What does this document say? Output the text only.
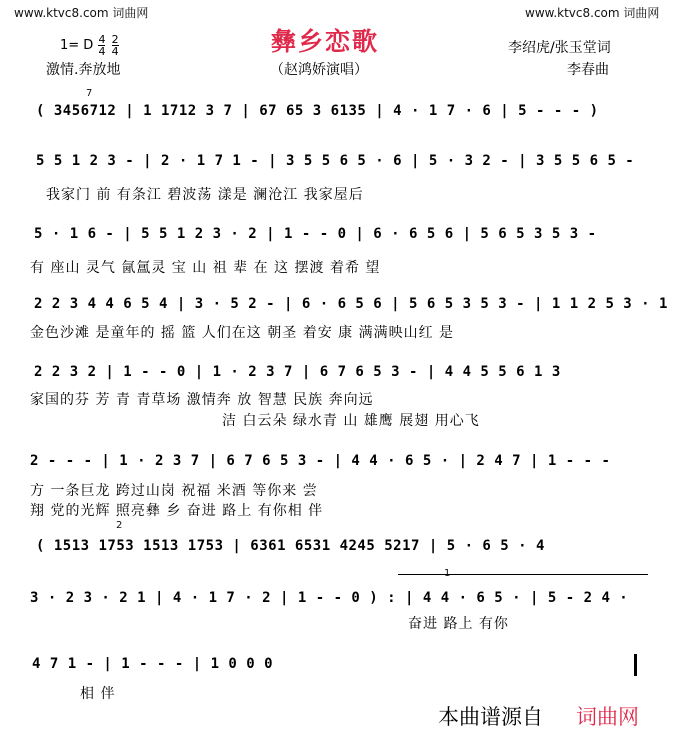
www.ktvc8.com 词曲网	www.ktvc8.com 词曲网
彝乡恋歌
1= D $\frac{4}{4}$
$\frac{2}{4}$	李绍虎/张玉堂词
激情.奔放地	（赵鸿娇演唱）	李春曲
( 3456712 | 1 1712 3 7 | 67 65 3 6135 | 4 · 1 7 · 6 | 5 - - - )
7
5 5 1 2 3 - | 2 · 1 7 1 - | 3 5 5 6 5 · 6 | 5 · 3 2 - | 3 5 5 6 5 -
我家门 前 有条江 碧波荡 漾是 澜沧江 我家屋后
5 · 1 6 - | 5 5 1 2 3 · 2 | 1 - - 0 | 6 · 6 5 6 | 5 6 5 3 5 3 -
有 座山 灵气 氤氲灵 宝 山 祖 辈 在 这 摆渡 着希 望
2 2 3 4 4 6 5 4 | 3 · 5 2 - | 6 · 6 5 6 | 5 6 5 3 5 3 - | 1 1 2 5 3 · 1
金色沙滩 是童年的 摇 篮 人们在这 朝圣 着安 康 满满映山红 是
2 2 3 2 | 1 - - 0 | 1 · 2 3 7 | 6 7 6 5 3 - | 4 4 5 5 6 1 3
家国的芬 芳 青 青草场 激情奔 放 智慧 民族 奔向远
洁 白云朵 绿水青 山 雄鹰 展翅 用心飞
2 - - - | 1 · 2 3 7 | 6 7 6 5 3 - | 4 4 · 6 5 · | 2 4 7 | 1 - - -
方 一条巨龙 跨过山岗 祝福 米酒 等你来 尝
翔 党的光辉 照亮彝 乡 奋进 路上 有你相 伴
2
( 1513 1753 1513 1753 | 6361 6531 4245 5217 | 5 · 6 5 · 4
3 · 2 3 · 2 1 | 4 · 1 7 · 2 | 1 - - 0 ) : | 4 4 · 6 5 · | 5 - 2 4 ·
奋进 路上 有你
4 7 1 - | 1 - - - | 1 0 0 0
相 伴
本曲谱源自 词曲网
